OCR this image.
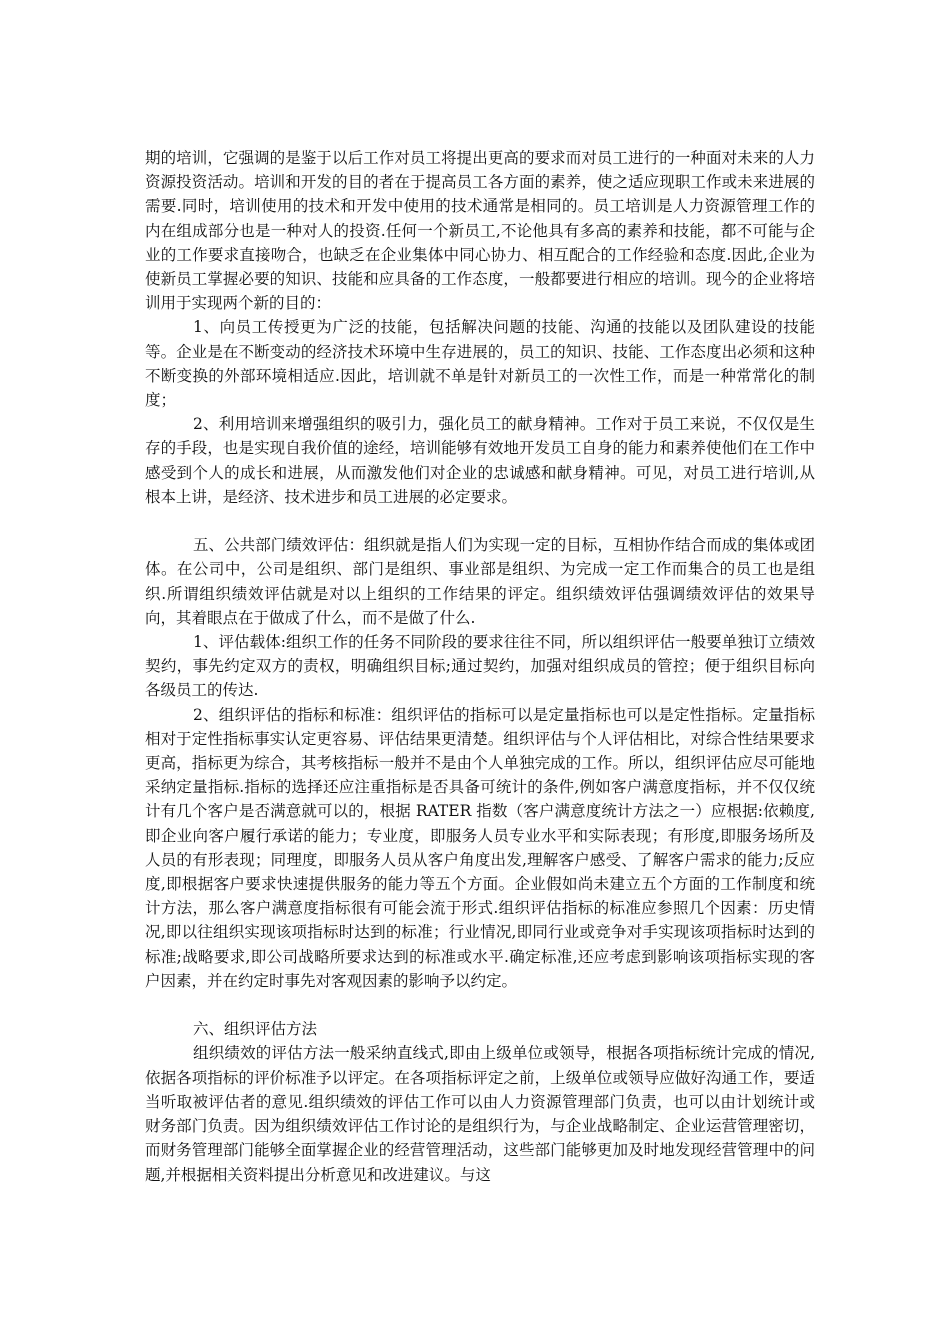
期的培训，它强调的是鉴于以后工作对员工将提出更高的要求而对员工进行的一种面对未来的人力资源投资活动。培训和开发的目的者在于提高员工各方面的素养，使之适应现职工作或未来进展的需要.同时，培训使用的技术和开发中使用的技术通常是相同的。员工培训是人力资源管理工作的内在组成部分也是一种对人的投资.任何一个新员工,不论他具有多高的素养和技能，都不可能与企业的工作要求直接吻合，也缺乏在企业集体中同心协力、相互配合的工作经验和态度.因此,企业为使新员工掌握必要的知识、技能和应具备的工作态度，一般都要进行相应的培训。现今的企业将培训用于实现两个新的目的：

1、向员工传授更为广泛的技能，包括解决问题的技能、沟通的技能以及团队建设的技能等。企业是在不断变动的经济技术环境中生存进展的，员工的知识、技能、工作态度出必须和这种不断变换的外部环境相适应.因此，培训就不单是针对新员工的一次性工作，而是一种常常化的制度；

2、利用培训来增强组织的吸引力，强化员工的献身精神。工作对于员工来说，不仅仅是生存的手段，也是实现自我价值的途经，培训能够有效地开发员工自身的能力和素养使他们在工作中感受到个人的成长和进展，从而激发他们对企业的忠诚感和献身精神。可见，对员工进行培训,从根本上讲，是经济、技术进步和员工进展的必定要求。

五、公共部门绩效评估：组织就是指人们为实现一定的目标，互相协作结合而成的集体或团体。在公司中，公司是组织、部门是组织、事业部是组织、为完成一定工作而集合的员工也是组织.所谓组织绩效评估就是对以上组织的工作结果的评定。组织绩效评估强调绩效评估的效果导向，其着眼点在于做成了什么，而不是做了什么.

1、评估载体:组织工作的任务不同阶段的要求往往不同，所以组织评估一般要单独订立绩效契约，事先约定双方的责权，明确组织目标;通过契约，加强对组织成员的管控；便于组织目标向各级员工的传达.

2、组织评估的指标和标准：组织评估的指标可以是定量指标也可以是定性指标。定量指标相对于定性指标事实认定更容易、评估结果更清楚。组织评估与个人评估相比，对综合性结果要求更高，指标更为综合，其考核指标一般并不是由个人单独完成的工作。所以，组织评估应尽可能地采纳定量指标.指标的选择还应注重指标是否具备可统计的条件,例如客户满意度指标，并不仅仅统计有几个客户是否满意就可以的，根据 RATER 指数（客户满意度统计方法之一）应根据:依赖度,即企业向客户履行承诺的能力；专业度，即服务人员专业水平和实际表现；有形度,即服务场所及人员的有形表现；同理度，即服务人员从客户角度出发,理解客户感受、了解客户需求的能力;反应度,即根据客户要求快速提供服务的能力等五个方面。企业假如尚未建立五个方面的工作制度和统计方法，那么客户满意度指标很有可能会流于形式.组织评估指标的标准应参照几个因素：历史情况,即以往组织实现该项指标时达到的标准；行业情况,即同行业或竞争对手实现该项指标时达到的标准;战略要求,即公司战略所要求达到的标准或水平.确定标准,还应考虑到影响该项指标实现的客户因素，并在约定时事先对客观因素的影响予以约定。

六、组织评估方法

组织绩效的评估方法一般采纳直线式,即由上级单位或领导，根据各项指标统计完成的情况,依据各项指标的评价标准予以评定。在各项指标评定之前，上级单位或领导应做好沟通工作，要适当听取被评估者的意见.组织绩效的评估工作可以由人力资源管理部门负责，也可以由计划统计或财务部门负责。因为组织绩效评估工作讨论的是组织行为，与企业战略制定、企业运营管理密切，而财务管理部门能够全面掌握企业的经营管理活动，这些部门能够更加及时地发现经营管理中的问题,并根据相关资料提出分析意见和改进建议。与这
